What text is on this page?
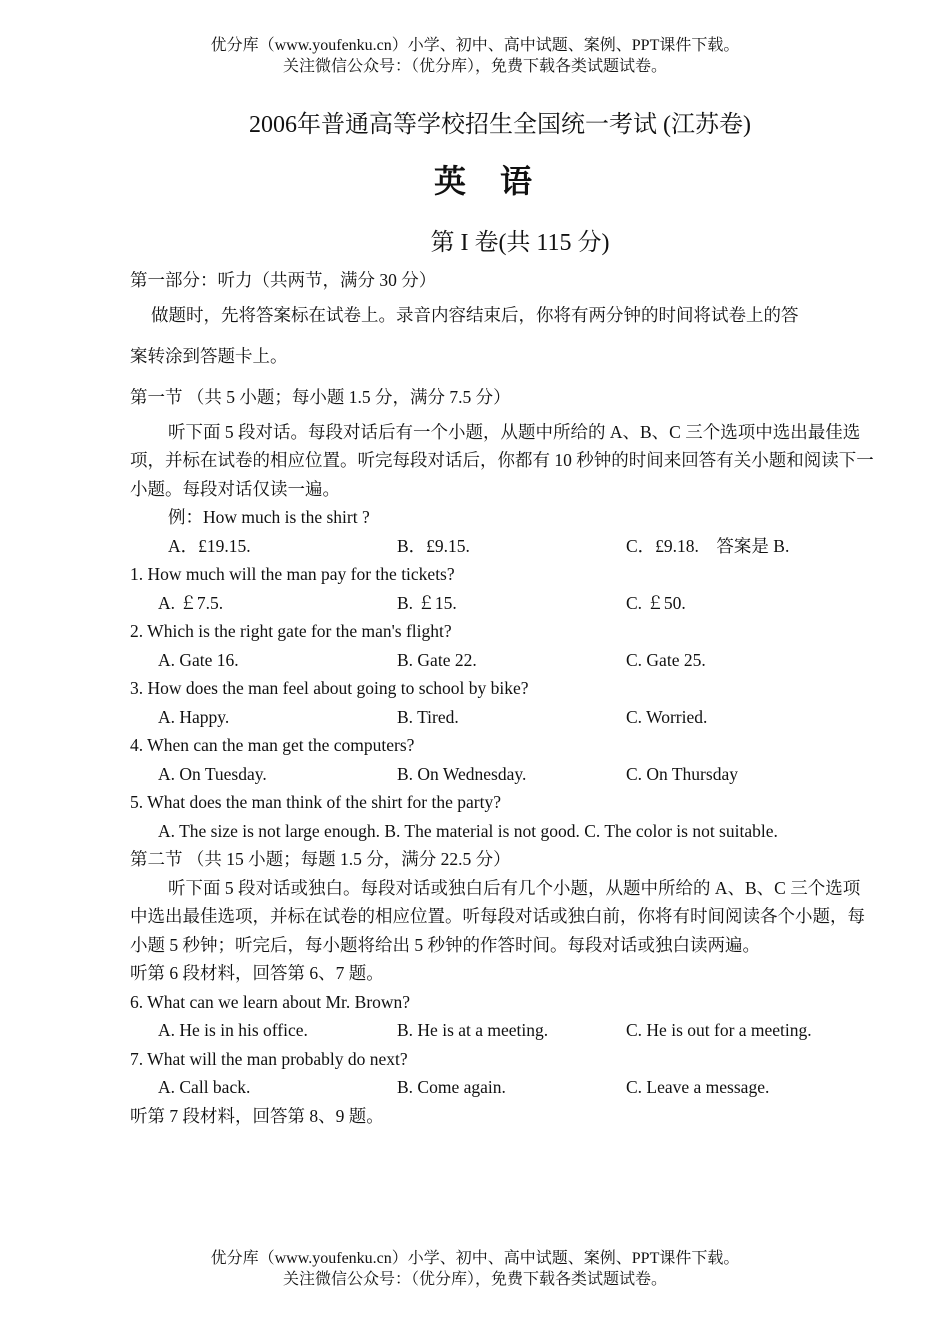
优分库（www.youfenku.cn）小学、初中、高中试题、案例、PPT课件下载。
关注微信公众号：（优分库），免费下载各类试题试卷。
2006年普通高等学校招生全国统一考试 (江苏卷)
英语
第 I 卷(共 115 分)
第一部分：听力（共两节，满分 30 分）
做题时，先将答案标在试卷上。录音内容结束后，你将有两分钟的时间将试卷上的答
案转涂到答题卡上。
第一节 （共 5 小题；每小题 1.5 分，满分 7.5 分）
听下面 5 段对话。每段对话后有一个小题，从题中所给的 A、B、C 三个选项中选出最佳选项，并标在试卷的相应位置。听完每段对话后，你都有 10 秒钟的时间来回答有关小题和阅读下一小题。每段对话仅读一遍。
例：How much is the shirt ?
A．£19.15.	B．£9.15.	C．£9.18.　答案是 B.
1. How much will the man pay for the tickets?
A. ￡7.5.	B. ￡15.	C. ￡50.
2. Which is the right gate for the man's flight?
A. Gate 16.	B. Gate 22.	C. Gate 25.
3. How does the man feel about going to school by bike?
A. Happy.	B. Tired.	C. Worried.
4. When can the man get the computers?
A. On Tuesday.	B. On Wednesday.	C. On Thursday
5. What does the man think of the shirt for the party?
A. The size is not large enough. B. The material is not good. C. The color is not suitable.
第二节 （共 15 小题；每题 1.5 分，满分 22.5 分）
听下面 5 段对话或独白。每段对话或独白后有几个小题，从题中所给的 A、B、C 三个选项中选出最佳选项，并标在试卷的相应位置。听每段对话或独白前，你将有时间阅读各个小题，每小题 5 秒钟；听完后，每小题将给出 5 秒钟的作答时间。每段对话或独白读两遍。
听第 6 段材料，回答第 6、7 题。
6. What can we learn about Mr. Brown?
A. He is in his office.	B. He is at a meeting.	C. He is out for a meeting.
7. What will the man probably do next?
A. Call back.	B. Come again.	C. Leave a message.
听第 7 段材料，回答第 8、9 题。
优分库（www.youfenku.cn）小学、初中、高中试题、案例、PPT课件下载。
关注微信公众号：（优分库），免费下载各类试题试卷。
